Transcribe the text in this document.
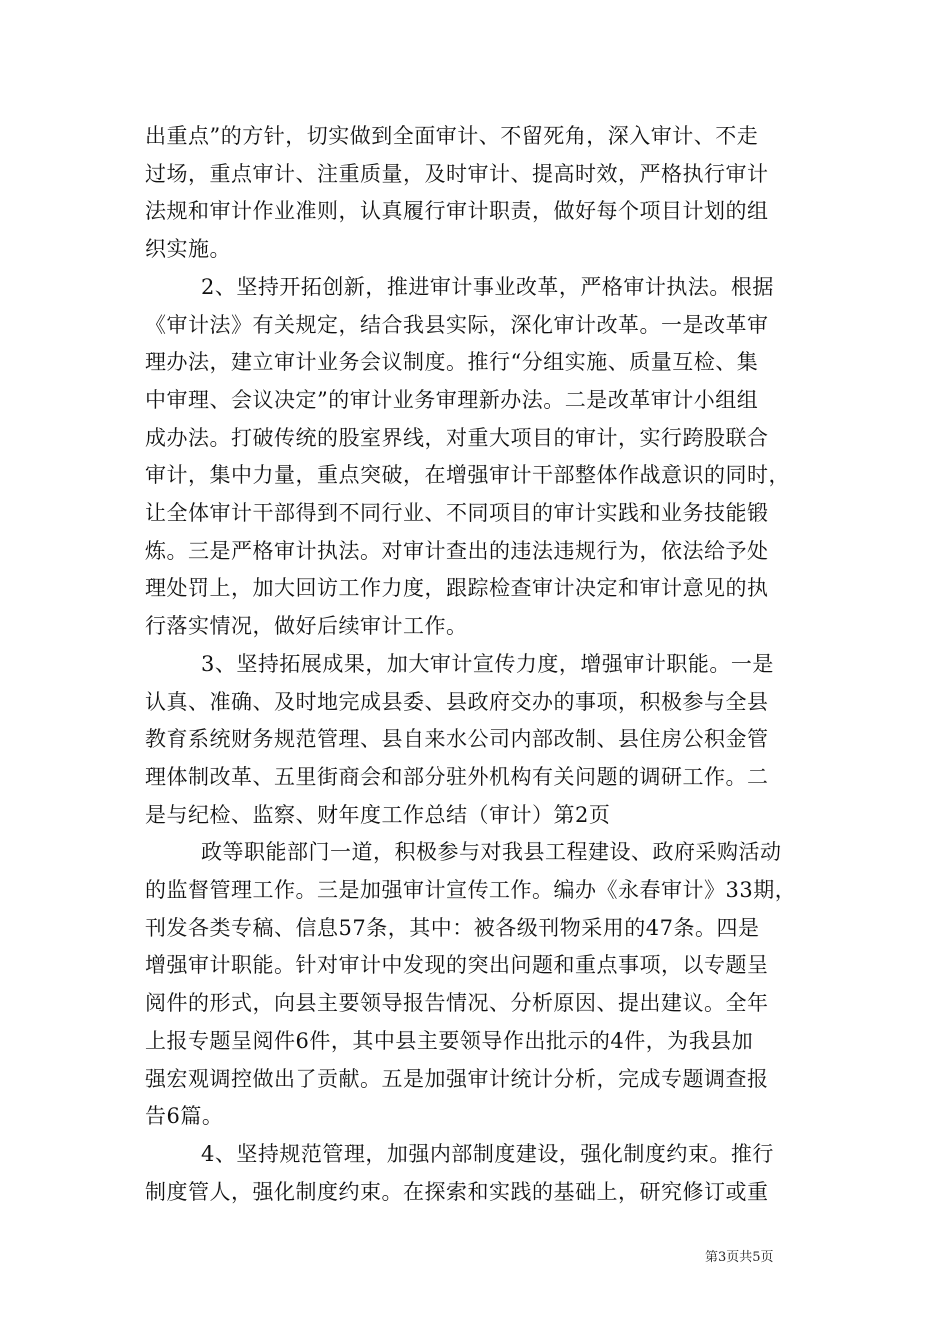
出重点”的方针，切实做到全面审计、不留死角，深入审计、不走

过场，重点审计、注重质量，及时审计、提高时效，严格执行审计

法规和审计作业准则，认真履行审计职责，做好每个项目计划的组

织实施。

2、坚持开拓创新，推进审计事业改革，严格审计执法。根据

《审计法》有关规定，结合我县实际，深化审计改革。一是改革审

理办法，建立审计业务会议制度。推行“分组实施、质量互检、集

中审理、会议决定”的审计业务审理新办法。二是改革审计小组组

成办法。打破传统的股室界线，对重大项目的审计，实行跨股联合

审计，集中力量，重点突破，在增强审计干部整体作战意识的同时，

让全体审计干部得到不同行业、不同项目的审计实践和业务技能锻

炼。三是严格审计执法。对审计查出的违法违规行为，依法给予处

理处罚上，加大回访工作力度，跟踪检查审计决定和审计意见的执

行落实情况，做好后续审计工作。

3、坚持拓展成果，加大审计宣传力度，增强审计职能。一是

认真、准确、及时地完成县委、县政府交办的事项，积极参与全县

教育系统财务规范管理、县自来水公司内部改制、县住房公积金管

理体制改革、五里街商会和部分驻外机构有关问题的调研工作。二

是与纪检、监察、财年度工作总结（审计）第2页

政等职能部门一道，积极参与对我县工程建设、政府采购活动

的监督管理工作。三是加强审计宣传工作。编办《永春审计》33期，

刊发各类专稿、信息57条，其中：被各级刊物采用的47条。四是

增强审计职能。针对审计中发现的突出问题和重点事项，以专题呈

阅件的形式，向县主要领导报告情况、分析原因、提出建议。全年

上报专题呈阅件6件，其中县主要领导作出批示的4件，为我县加

强宏观调控做出了贡献。五是加强审计统计分析，完成专题调查报

告6篇。

4、坚持规范管理，加强内部制度建设，强化制度约束。推行

制度管人，强化制度约束。在探索和实践的基础上，研究修订或重

第3页共5页
